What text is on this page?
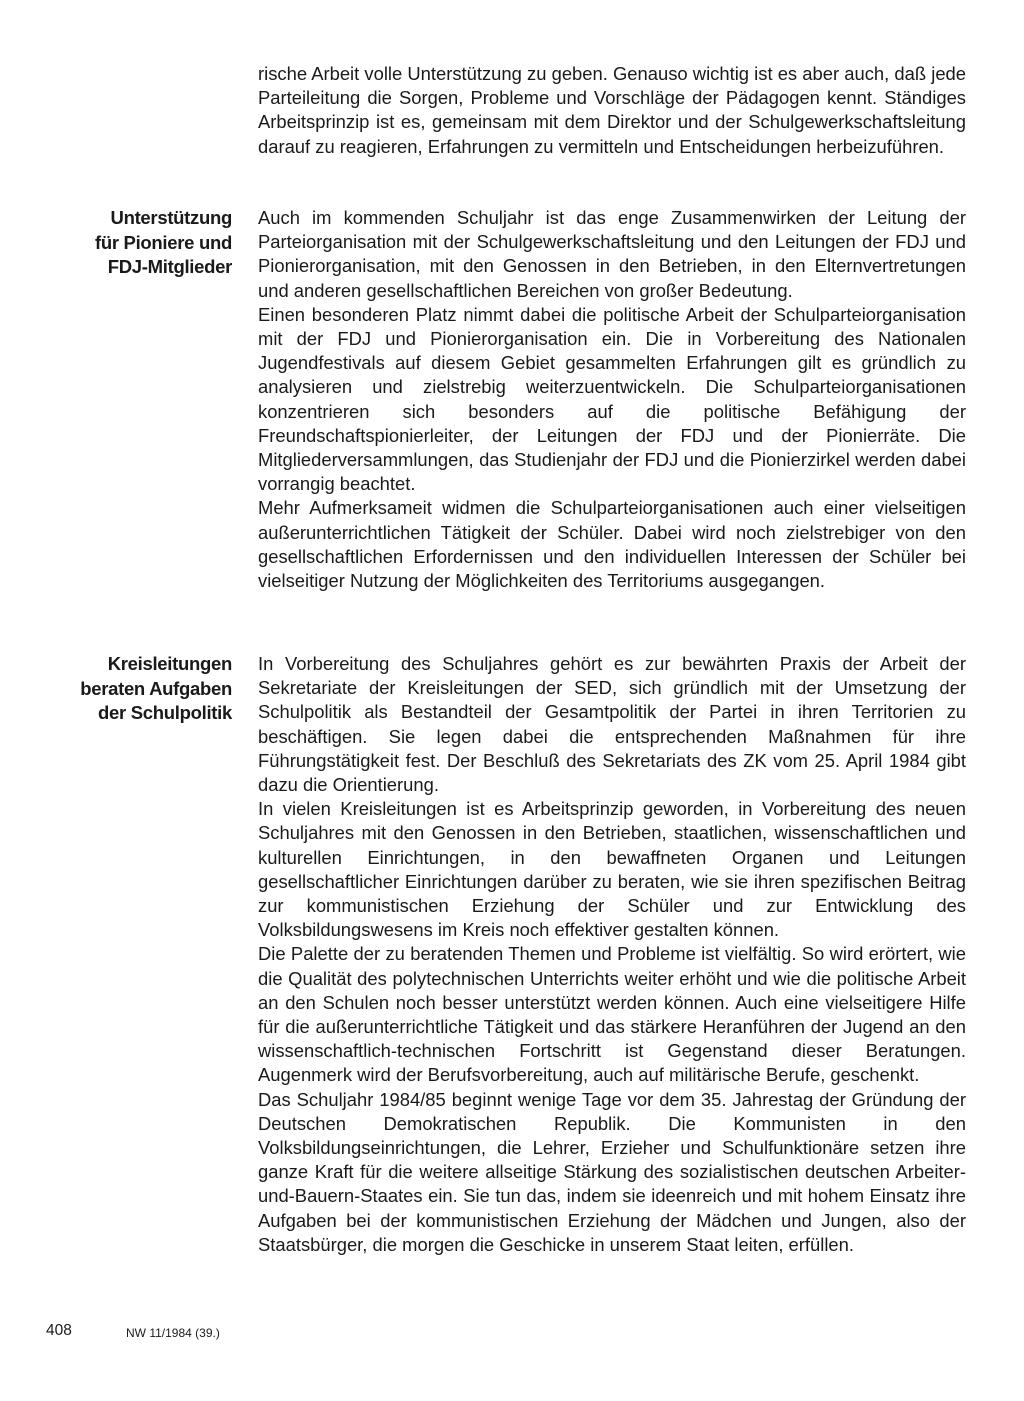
rische Arbeit volle Unterstützung zu geben. Genauso wichtig ist es aber auch, daß jede Parteileitung die Sorgen, Probleme und Vorschläge der Pädagogen kennt. Ständiges Arbeitsprinzip ist es, gemeinsam mit dem Direktor und der Schulgewerkschaftsleitung darauf zu reagieren, Erfahrungen zu vermitteln und Entscheidungen herbeizuführen.

Unterstützung
für Pioniere und
FDJ-Mitglieder

Auch im kommenden Schuljahr ist das enge Zusammenwirken der Leitung der Parteiorganisation mit der Schulgewerkschaftsleitung und den Leitungen der FDJ und Pionierorganisation, mit den Genossen in den Betrieben, in den Elternvertretungen und anderen gesellschaftlichen Bereichen von großer Bedeutung.

Einen besonderen Platz nimmt dabei die politische Arbeit der Schulparteiorganisation mit der FDJ und Pionierorganisation ein. Die in Vorbereitung des Nationalen Jugendfestivals auf diesem Gebiet gesammelten Erfahrungen gilt es gründlich zu analysieren und zielstrebig weiterzuentwickeln. Die Schulparteiorganisationen konzentrieren sich besonders auf die politische Befähigung der Freundschaftspionierleiter, der Leitungen der FDJ und der Pionierräte. Die Mitgliederversammlungen, das Studienjahr der FDJ und die Pionierzirkel werden dabei vorrangig beachtet.

Mehr Aufmerksameit widmen die Schulparteiorganisationen auch einer vielseitigen außerunterrichtlichen Tätigkeit der Schüler. Dabei wird noch zielstrebiger von den gesellschaftlichen Erfordernissen und den individuellen Interessen der Schüler bei vielseitiger Nutzung der Möglichkeiten des Territoriums ausgegangen.

Kreisleitungen
beraten Aufgaben
der Schulpolitik

In Vorbereitung des Schuljahres gehört es zur bewährten Praxis der Arbeit der Sekretariate der Kreisleitungen der SED, sich gründlich mit der Umsetzung der Schulpolitik als Bestandteil der Gesamtpolitik der Partei in ihren Territorien zu beschäftigen. Sie legen dabei die entsprechenden Maßnahmen für ihre Führungstätigkeit fest. Der Beschluß des Sekretariats des ZK vom 25. April 1984 gibt dazu die Orientierung.

In vielen Kreisleitungen ist es Arbeitsprinzip geworden, in Vorbereitung des neuen Schuljahres mit den Genossen in den Betrieben, staatlichen, wissenschaftlichen und kulturellen Einrichtungen, in den bewaffneten Organen und Leitungen gesellschaftlicher Einrichtungen darüber zu beraten, wie sie ihren spezifischen Beitrag zur kommunistischen Erziehung der Schüler und zur Entwicklung des Volksbildungswesens im Kreis noch effektiver gestalten können.

Die Palette der zu beratenden Themen und Probleme ist vielfältig. So wird erörtert, wie die Qualität des polytechnischen Unterrichts weiter erhöht und wie die politische Arbeit an den Schulen noch besser unterstützt werden können. Auch eine vielseitigere Hilfe für die außerunterrichtliche Tätigkeit und das stärkere Heranführen der Jugend an den wissenschaftlich-technischen Fortschritt ist Gegenstand dieser Beratungen. Augenmerk wird der Berufsvorbereitung, auch auf militärische Berufe, geschenkt.

Das Schuljahr 1984/85 beginnt wenige Tage vor dem 35. Jahrestag der Gründung der Deutschen Demokratischen Republik. Die Kommunisten in den Volksbildungseinrichtungen, die Lehrer, Erzieher und Schulfunktionäre setzen ihre ganze Kraft für die weitere allseitige Stärkung des sozialistischen deutschen Arbeiter-und-Bauern-Staates ein. Sie tun das, indem sie ideenreich und mit hohem Einsatz ihre Aufgaben bei der kommunistischen Erziehung der Mädchen und Jungen, also der Staatsbürger, die morgen die Geschicke in unserem Staat leiten, erfüllen.

408	NW 11/1984 (39.)
